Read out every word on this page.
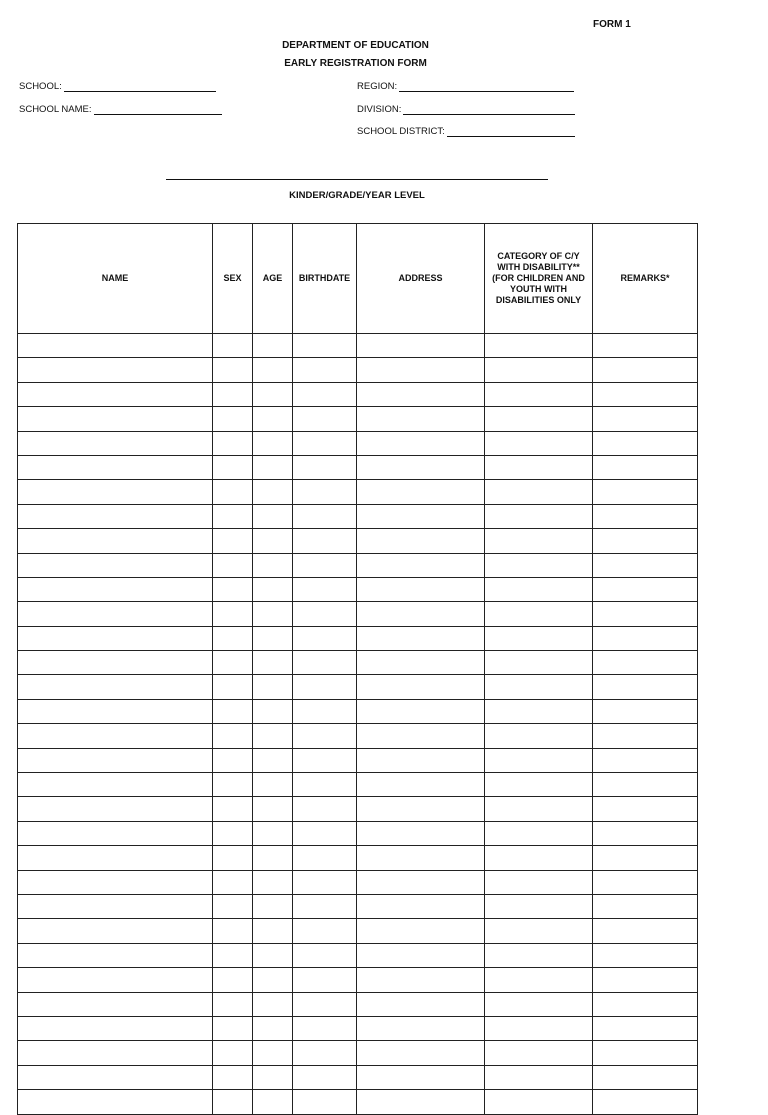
FORM 1
DEPARTMENT OF EDUCATION
EARLY REGISTRATION FORM
SCHOOL:
SCHOOL NAME:
REGION:
DIVISION:
SCHOOL DISTRICT:
KINDER/GRADE/YEAR LEVEL
NAME	SEX	AGE	BIRTHDATE	ADDRESS	CATEGORY OF C/Y
WITH DISABILITY**
(FOR CHILDREN AND
YOUTH WITH
DISABILITIES ONLY	REMARKS*
